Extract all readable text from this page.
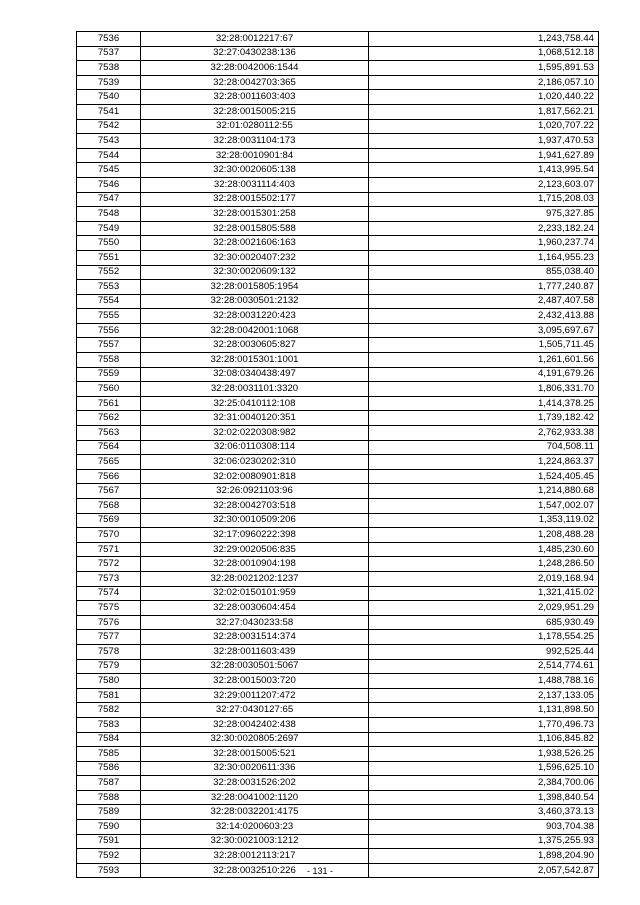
7536	32:28:0012217:67	1,243,758.44
7537	32:27:0430238:136	1,068,512.18
7538	32:28:0042006:1544	1,595,891.53
7539	32:28:0042703:365	2,186,057.10
7540	32:28:0011603:403	1,020,440.22
7541	32:28:0015005:215	1,817,562.21
7542	32:01:0280112:55	1,020,707.22
7543	32:28:0031104:173	1,937,470.53
7544	32:28:0010901:84	1,941,627.89
7545	32:30:0020605:138	1,413,995.54
7546	32:28:0031114:403	2,123,603.07
7547	32:28:0015502:177	1,715,208.03
7548	32:28:0015301:258	975,327.85
7549	32:28:0015805:588	2,233,182.24
7550	32:28:0021606:163	1,960,237.74
7551	32:30:0020407:232	1,164,955.23
7552	32:30:0020609:132	855,038.40
7553	32:28:0015805:1954	1,777,240.87
7554	32:28:0030501:2132	2,487,407.58
7555	32:28:0031220:423	2,432,413.88
7556	32:28:0042001:1068	3,095,697.67
7557	32:28:0030605:827	1,505,711.45
7558	32:28:0015301:1001	1,261,601.56
7559	32:08:0340438:497	4,191,679.26
7560	32:28:0031101:3320	1,806,331.70
7561	32:25:0410112:108	1,414,378.25
7562	32:31:0040120:351	1,739,182.42
7563	32:02:0220308:982	2,762,933.38
7564	32:06:0110308:114	704,508.11
7565	32:06:0230202:310	1,224,863.37
7566	32:02:0080901:818	1,524,405.45
7567	32:26:0921103:96	1,214,880.68
7568	32:28:0042703:518	1,547,002.07
7569	32:30:0010509:206	1,353,119.02
7570	32:17:0960222:398	1,208,488.28
7571	32:29:0020506:835	1,485,230.60
7572	32:28:0010904:198	1,248,286.50
7573	32:28:0021202:1237	2,019,168.94
7574	32:02:0150101:959	1,321,415.02
7575	32:28:0030604:454	2,029,951.29
7576	32:27:0430233:58	685,930.49
7577	32:28:0031514:374	1,178,554.25
7578	32:28:0011603:439	992,525.44
7579	32:28:0030501:5067	2,514,774.61
7580	32:28:0015003:720	1,488,788.16
7581	32:29:0011207:472	2,137,133.05
7582	32:27:0430127:65	1,131,898.50
7583	32:28:0042402:438	1,770,496.73
7584	32:30:0020805:2697	1,106,845.82
7585	32:28:0015005:521	1,938,526.25
7586	32:30:0020611:336	1,596,625.10
7587	32:28:0031526:202	2,384,700.06
7588	32:28:0041002:1120	1,398,840.54
7589	32:28:0032201:4175	3,460,373.13
7590	32:14:0200603:23	903,704.38
7591	32:30:0021003:1212	1,375,255.93
7592	32:28:0012113:217	1,898,204.90
7593	32:28:0032510:226	2,057,542.87
- 131 -
